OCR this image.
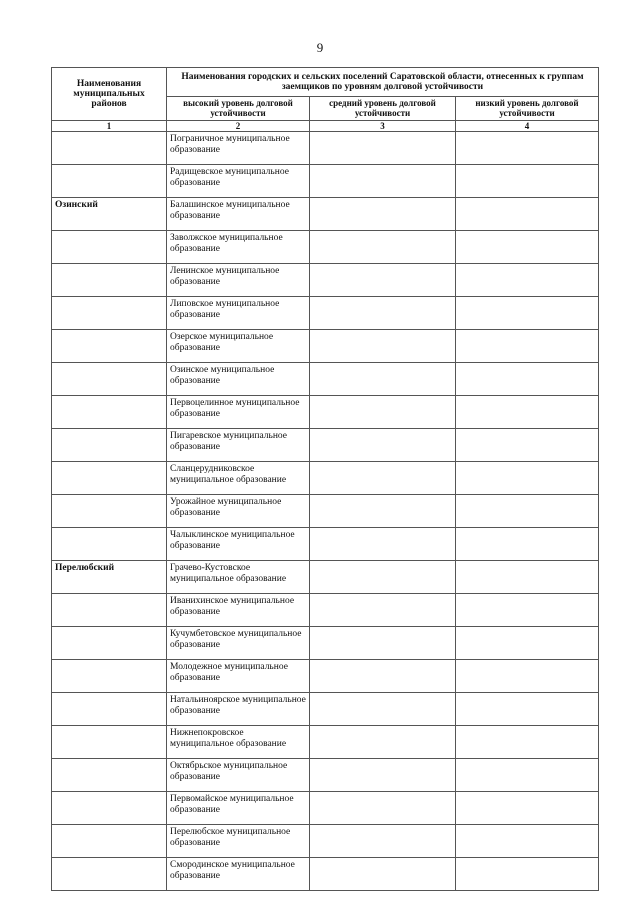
9
Наименования муниципальных районов	Наименования городских и сельских поселений Саратовской области, отнесенных к группам заемщиков по уровням долговой устойчивости		
	высокий уровень долговой устойчивости	средний уровень долговой устойчивости	низкий уровень долговой устойчивости
1	2	3	4
	Пограничное муниципальное образование		
	Радищевское муниципальное образование		
Озинский	Балашинское муниципальное образование		
	Заволжское муниципальное образование		
	Ленинское муниципальное образование		
	Липовское муниципальное образование		
	Озерское муниципальное образование		
	Озинское муниципальное образование		
	Первоцелинное муниципальное образование		
	Пигаревское муниципальное образование		
	Сланцерудниковское муниципальное образование		
	Урожайное муниципальное образование		
	Чалыклинское муниципальное образование		
Перелюбский	Грачево-Кустовское муниципальное образование		
	Иванихинское муниципальное образование		
	Кучумбетовское муниципальное образование		
	Молодежное муниципальное образование		
	Натальиноярское муниципальное образование		
	Нижнепокровское муниципальное образование		
	Октябрьское муниципальное образование		
	Первомайское муниципальное образование		
	Перелюбское муниципальное образование		
	Смородинское муниципальное образование		
